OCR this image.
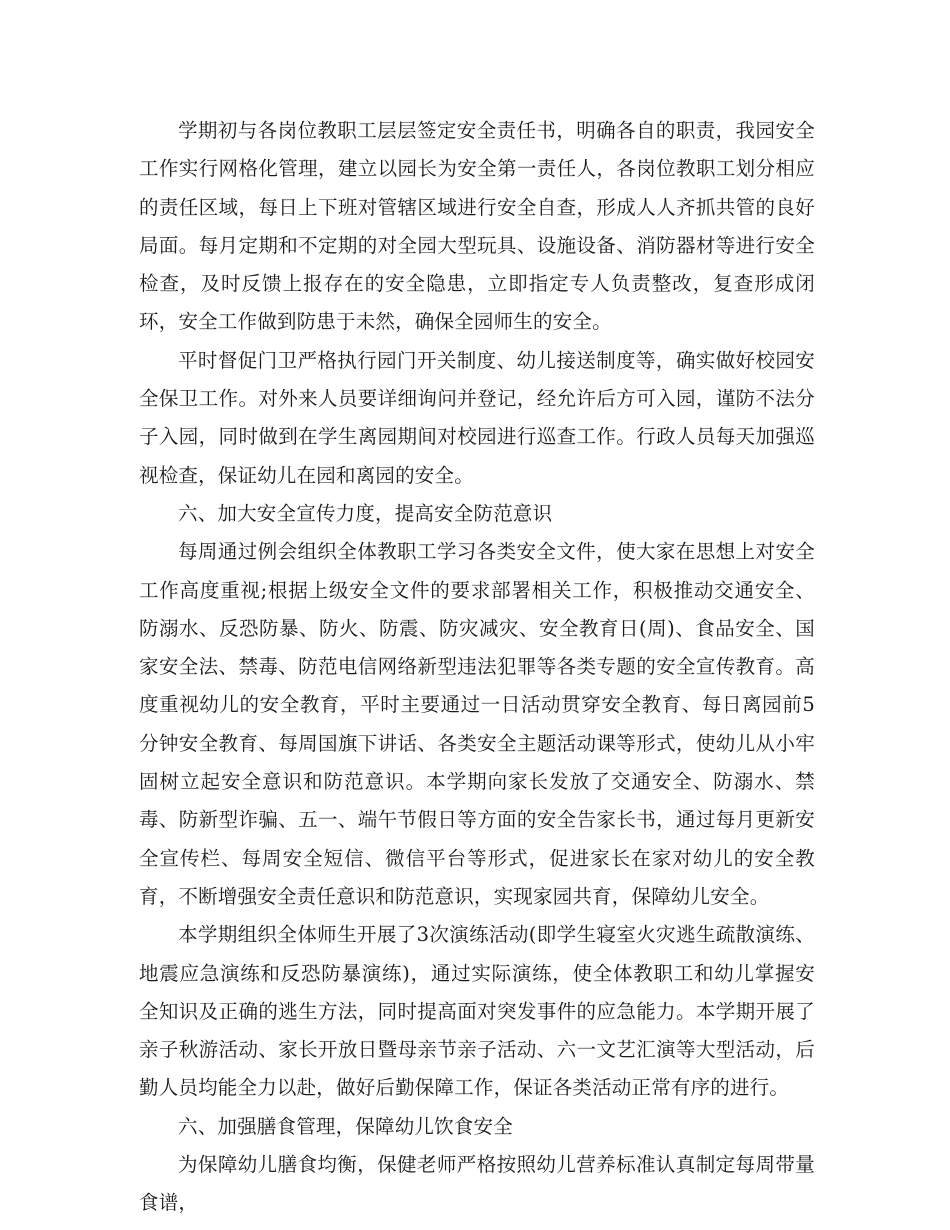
学期初与各岗位教职工层层签定安全责任书，明确各自的职责，我园安全工作实行网格化管理，建立以园长为安全第一责任人，各岗位教职工划分相应的责任区域，每日上下班对管辖区域进行安全自查，形成人人齐抓共管的良好局面。每月定期和不定期的对全园大型玩具、设施设备、消防器材等进行安全检查，及时反馈上报存在的安全隐患，立即指定专人负责整改，复查形成闭环，安全工作做到防患于未然，确保全园师生的安全。

平时督促门卫严格执行园门开关制度、幼儿接送制度等，确实做好校园安全保卫工作。对外来人员要详细询问并登记，经允许后方可入园，谨防不法分子入园，同时做到在学生离园期间对校园进行巡查工作。行政人员每天加强巡视检查，保证幼儿在园和离园的安全。

六、加大安全宣传力度，提高安全防范意识

每周通过例会组织全体教职工学习各类安全文件，使大家在思想上对安全工作高度重视;根据上级安全文件的要求部署相关工作，积极推动交通安全、防溺水、反恐防暴、防火、防震、防灾减灾、安全教育日(周)、食品安全、国家安全法、禁毒、防范电信网络新型违法犯罪等各类专题的安全宣传教育。高度重视幼儿的安全教育，平时主要通过一日活动贯穿安全教育、每日离园前5分钟安全教育、每周国旗下讲话、各类安全主题活动课等形式，使幼儿从小牢固树立起安全意识和防范意识。本学期向家长发放了交通安全、防溺水、禁毒、防新型诈骗、五一、端午节假日等方面的安全告家长书，通过每月更新安全宣传栏、每周安全短信、微信平台等形式，促进家长在家对幼儿的安全教育，不断增强安全责任意识和防范意识，实现家园共育，保障幼儿安全。

本学期组织全体师生开展了3次演练活动(即学生寝室火灾逃生疏散演练、地震应急演练和反恐防暴演练)，通过实际演练，使全体教职工和幼儿掌握安全知识及正确的逃生方法，同时提高面对突发事件的应急能力。本学期开展了亲子秋游活动、家长开放日暨母亲节亲子活动、六一文艺汇演等大型活动，后勤人员均能全力以赴，做好后勤保障工作，保证各类活动正常有序的进行。

六、加强膳食管理，保障幼儿饮食安全

为保障幼儿膳食均衡，保健老师严格按照幼儿营养标准认真制定每周带量食谱，
